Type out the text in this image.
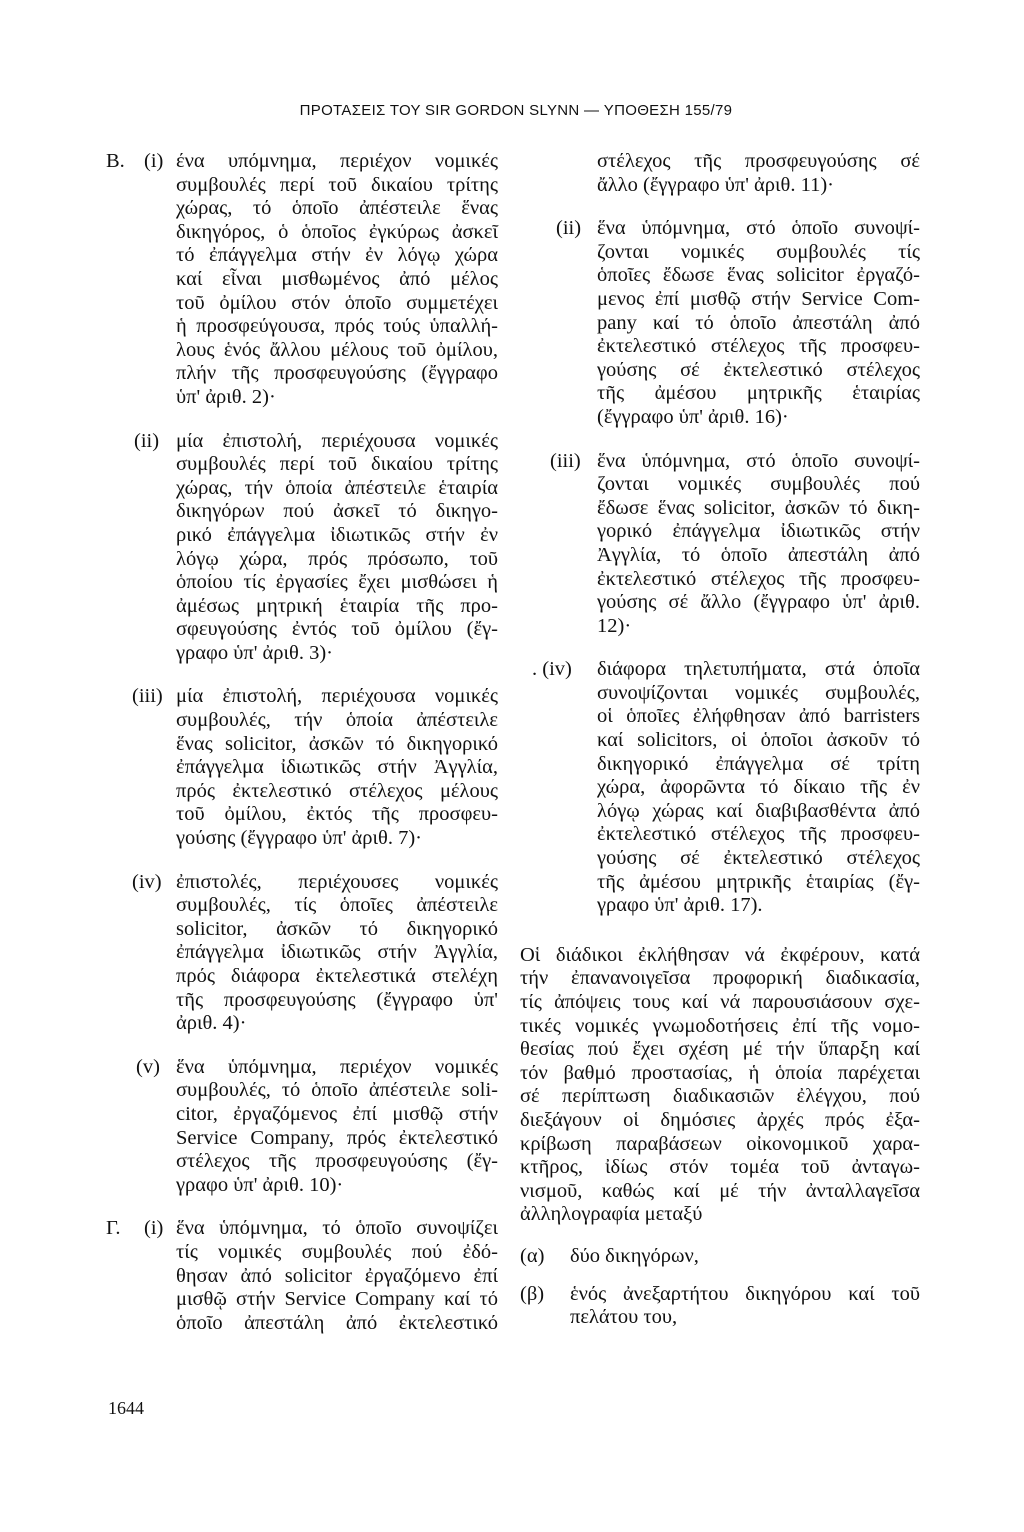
ΠΡΟΤΑΣΕΙΣ ΤΟΥ SIR GORDON SLYNN — ΥΠΟΘΕΣΗ 155/79
Β. (i) ένα υπόμνημα, περιέχον νομικές
συμβουλές περί τοῦ δικαίου τρίτης
χώρας, τό ὁποῖο ἀπέστειλε ἕνας
δικηγόρος, ὁ ὁποῖος ἐγκύρως ἀσκεῖ
τό ἐπάγγελμα στήν ἐν λόγῳ χώρα
καί εἶναι μισθωμένος ἀπό μέλος
τοῦ ὀμίλου στόν ὁποῖο συμμετέχει
ἡ προσφεύγουσα, πρός τούς ὑπαλλή-
λους ἑνός ἄλλου μέλους τοῦ ὀμίλου,
πλήν τῆς προσφευγούσης (ἔγγραφο
ὑπ' ἀριθ. 2)·
(ii) μία ἐπιστολή, περιέχουσα νομικές
συμβουλές περί τοῦ δικαίου τρίτης
χώρας, τήν ὁποία ἀπέστειλε ἑταιρία
δικηγόρων πού ἀσκεῖ τό δικηγο-
ρικό ἐπάγγελμα ἰδιωτικῶς στήν ἐν
λόγῳ χώρα, πρός πρόσωπο, τοῦ
ὁποίου τίς ἐργασίες ἔχει μισθώσει ἡ
ἀμέσως μητρική ἑταιρία τῆς προ-
σφευγούσης ἐντός τοῦ ὀμίλου (ἔγ-
γραφο ὑπ' ἀριθ. 3)·
(iii) μία ἐπιστολή, περιέχουσα νομικές
συμβουλές, τήν ὁποία ἀπέστειλε
ἕνας solicitor, ἀσκῶν τό δικηγορικό
ἐπάγγελμα ἰδιωτικῶς στήν Ἀγγλία,
πρός ἐκτελεστικό στέλεχος μέλους
τοῦ ὀμίλου, ἐκτός τῆς προσφευ-
γούσης (ἔγγραφο ὑπ' ἀριθ. 7)·
(iv) ἐπιστολές, περιέχουσες νομικές
συμβουλές, τίς ὁποῖες ἀπέστειλε
solicitor, ἀσκῶν τό δικηγορικό
ἐπάγγελμα ἰδιωτικῶς στήν Ἀγγλία,
πρός διάφορα ἐκτελεστικά στελέχη
τῆς προσφευγούσης (ἔγγραφο ὑπ'
ἀριθ. 4)·
(v) ἕνα ὑπόμνημα, περιέχον νομικές
συμβουλές, τό ὁποῖο ἀπέστειλε soli-
citor, ἐργαζόμενος ἐπί μισθῷ στήν
Service Company, πρός ἐκτελεστικό
στέλεχος τῆς προσφευγούσης (ἔγ-
γραφο ὑπ' ἀριθ. 10)·
Γ. (i) ἕνα ὑπόμνημα, τό ὁποῖο συνοψίζει
τίς νομικές συμβουλές πού ἐδό-
θησαν ἀπό solicitor ἐργαζόμενο ἐπί
μισθῷ στήν Service Company καί τό
ὁποῖο ἀπεστάλη ἀπό ἐκτελεστικό
στέλεχος τῆς προσφευγούσης σέ
ἄλλο (ἔγγραφο ὑπ' ἀριθ. 11)·
(ii) ἕνα ὑπόμνημα, στό ὁποῖο συνοψί-
ζονται νομικές συμβουλές τίς
ὁποῖες ἔδωσε ἕνας solicitor ἐργαζό-
μενος ἐπί μισθῷ στήν Service Com-
pany καί τό ὁποῖο ἀπεστάλη ἀπό
ἐκτελεστικό στέλεχος τῆς προσφευ-
γούσης σέ ἐκτελεστικό στέλεχος
τῆς ἀμέσου μητρικῆς ἑταιρίας
(ἔγγραφο ὑπ' ἀριθ. 16)·
(iii) ἕνα ὑπόμνημα, στό ὁποῖο συνοψί-
ζονται νομικές συμβουλές πού
ἔδωσε ἕνας solicitor, ἀσκῶν τό δικη-
γορικό ἐπάγγελμα ἰδιωτικῶς στήν
Ἀγγλία, τό ὁποῖο ἀπεστάλη ἀπό
ἐκτελεστικό στέλεχος τῆς προσφευ-
γούσης σέ ἄλλο (ἔγγραφο ὑπ' ἀριθ.
12)·
. (iv) διάφορα τηλετυπήματα, στά ὁποῖα
συνοψίζονται νομικές συμβουλές,
οἱ ὁποῖες ἐλήφθησαν ἀπό barristers
καί solicitors, οἱ ὁποῖοι ἀσκοῦν τό
δικηγορικό ἐπάγγελμα σέ τρίτη
χώρα, ἀφορῶντα τό δίκαιο τῆς ἐν
λόγῳ χώρας καί διαβιβασθέντα ἀπό
ἐκτελεστικό στέλεχος τῆς προσφευ-
γούσης σέ ἐκτελεστικό στέλεχος
τῆς ἀμέσου μητρικῆς ἑταιρίας (ἔγ-
γραφο ὑπ' ἀριθ. 17).
Οἱ διάδικοι ἐκλήθησαν νά ἐκφέρουν, κατά
τήν ἐπανανοιγεῖσα προφορική διαδικασία,
τίς ἀπόψεις τους καί νά παρουσιάσουν σχε-
τικές νομικές γνωμοδοτήσεις ἐπί τῆς νομο-
θεσίας πού ἔχει σχέση μέ τήν ὕπαρξη καί
τόν βαθμό προστασίας, ἡ ὁποία παρέχεται
σέ περίπτωση διαδικασιῶν ἐλέγχου, πού
διεξάγουν οἱ δημόσιες ἀρχές πρός ἐξα-
κρίβωση παραβάσεων οἰκονομικοῦ χαρα-
κτῆρος, ἰδίως στόν τομέα τοῦ ἀνταγω-
νισμοῦ, καθώς καί μέ τήν ἀνταλλαγεῖσα
ἀλληλογραφία μεταξύ
(α) δύο δικηγόρων,
(β) ἑνός ἀνεξαρτήτου δικηγόρου καί τοῦ
πελάτου του,
1644
